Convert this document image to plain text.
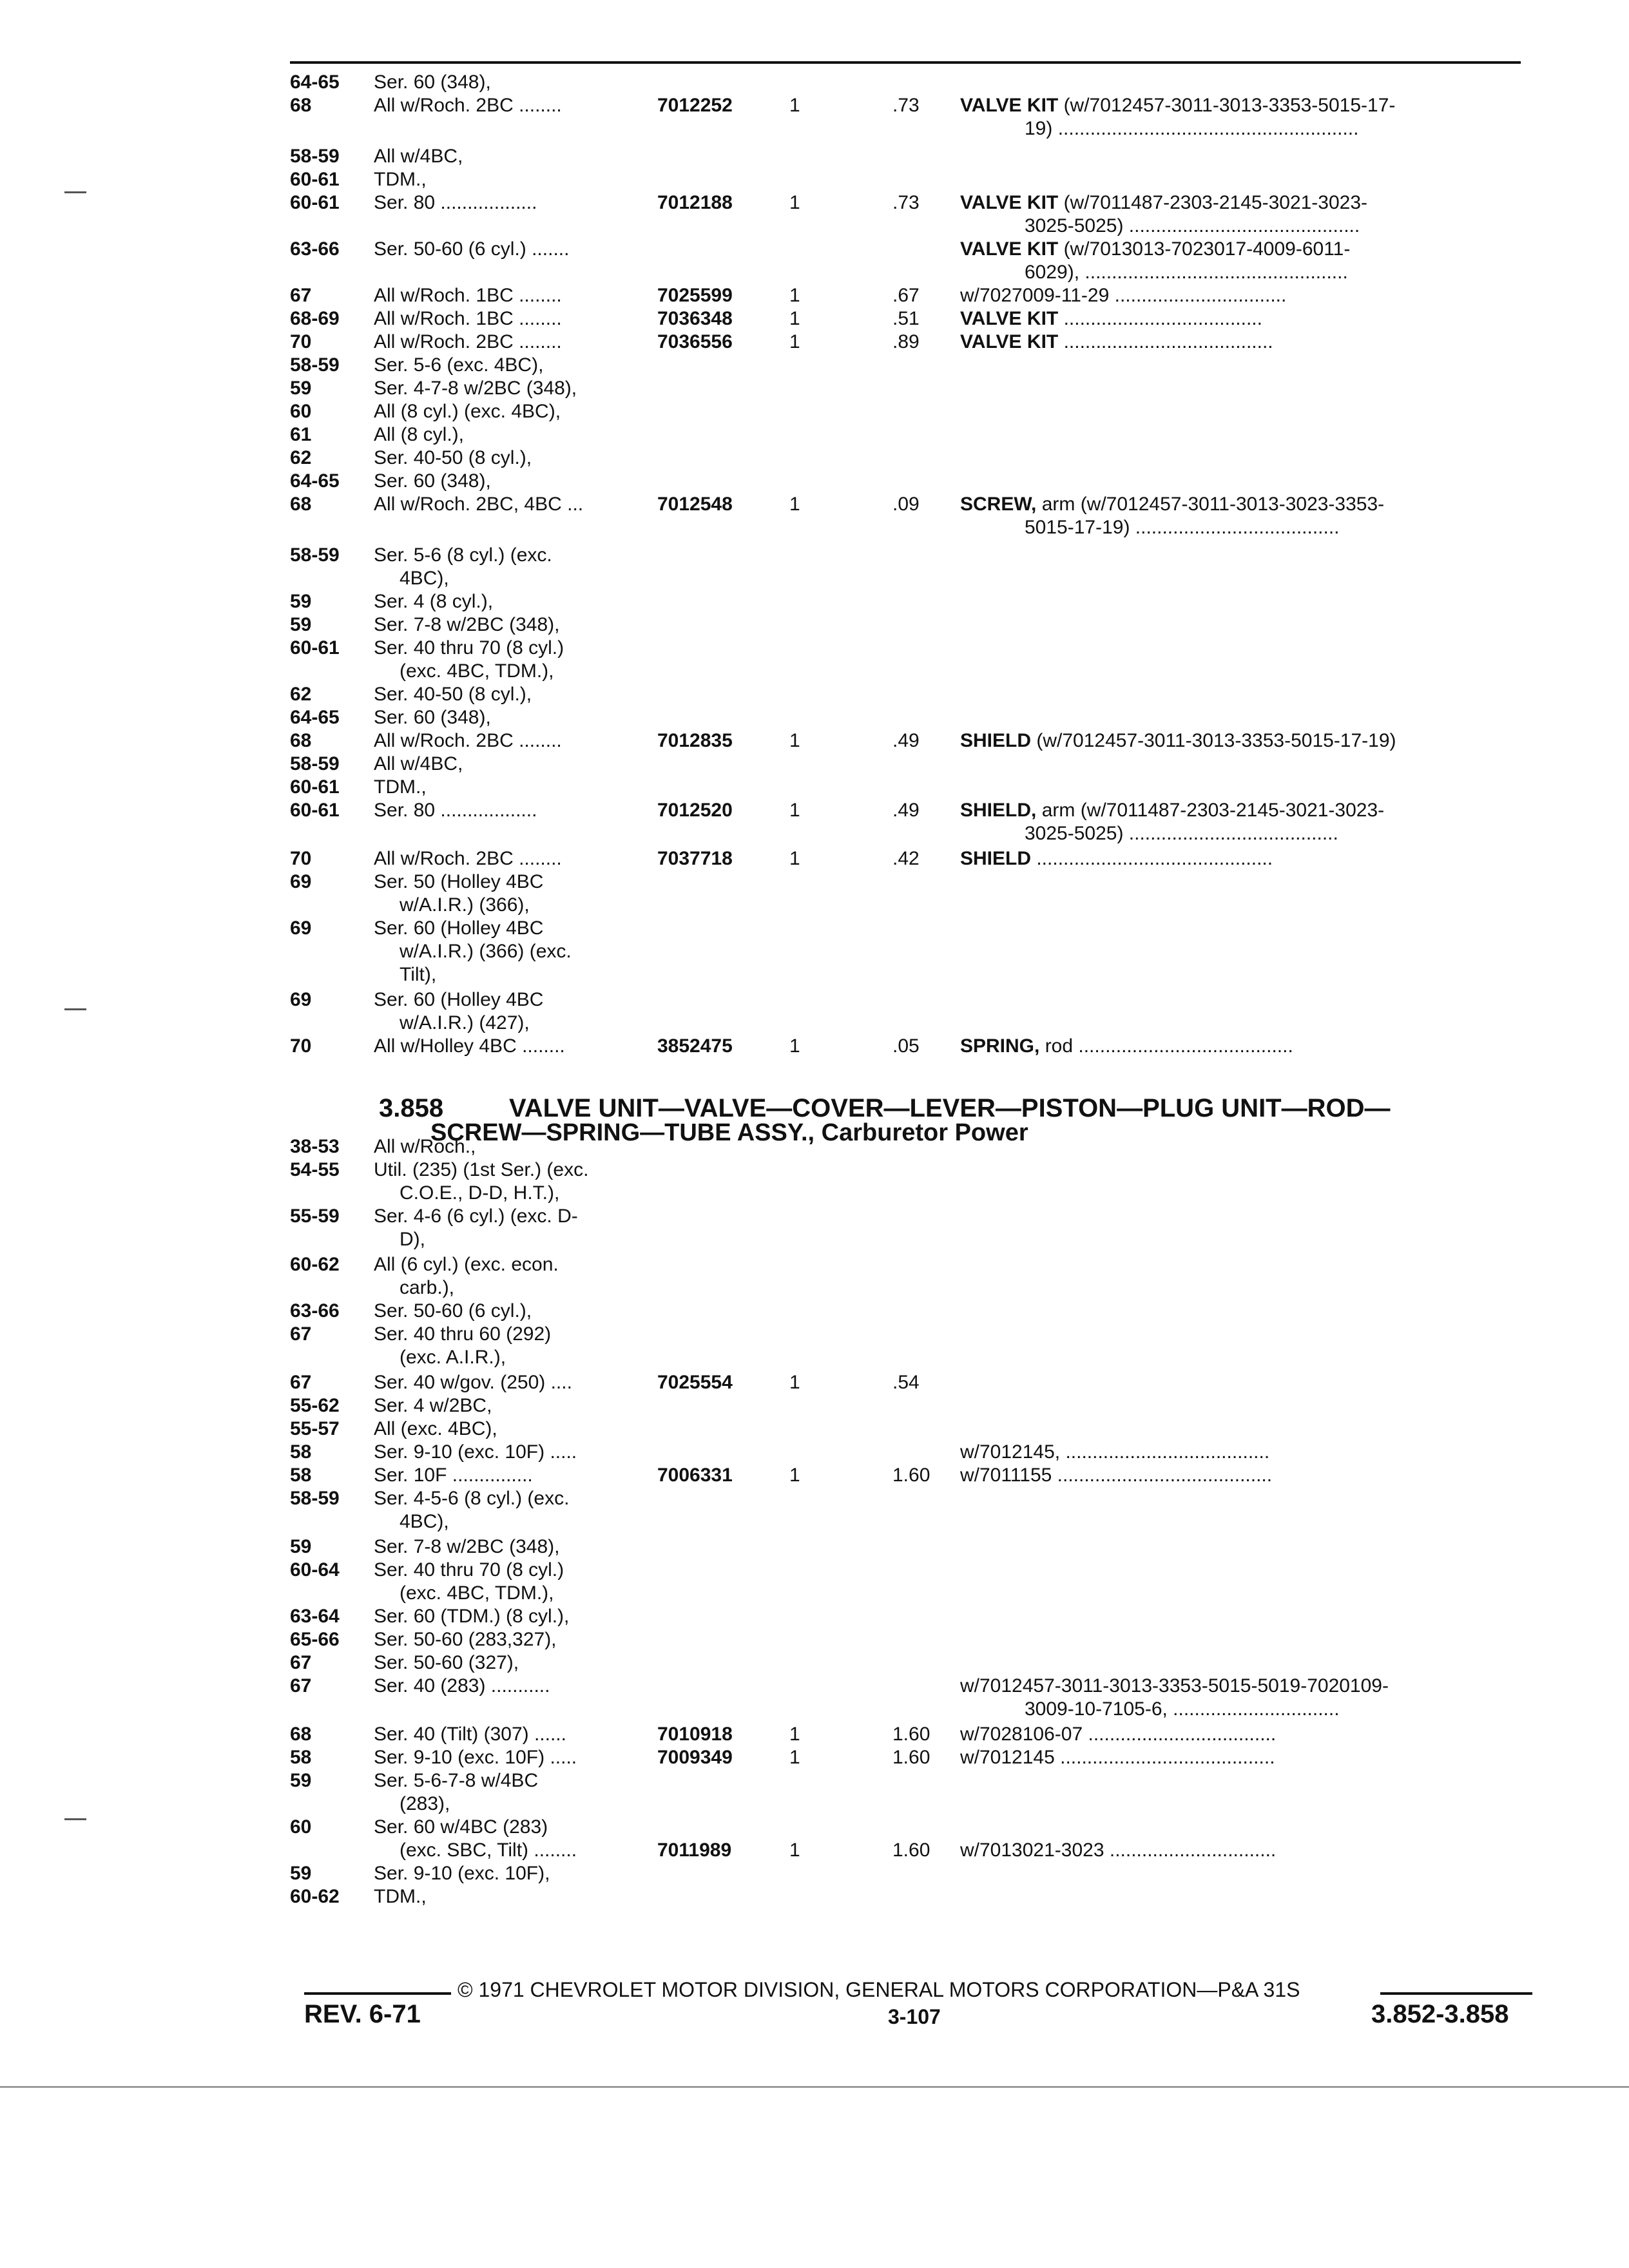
64-65 Ser. 60 (348),
68	All w/Roch. 2BC ........	7012252	1	.73 VALVE KIT (w/7012457-3011-3013-3353-5015-17-
19) ........................................................
58-59 All w/4BC,
60-61 TDM.,
60-61 Ser. 80 ..................	7012188	1	.73 VALVE KIT (w/7011487-2303-2145-3021-3023-
3025-5025) ...........................................
63-66 Ser. 50-60 (6 cyl.) .......	VALVE KIT (w/7013013-7023017-4009-6011-
6029), .................................................
67	All w/Roch. 1BC ........	7025599	1	.67 w/7027009-11-29 ................................
68-69 All w/Roch. 1BC ........	7036348	1	.51 VALVE KIT .....................................
70	All w/Roch. 2BC ........	7036556	1	.89 VALVE KIT .......................................
58-59 Ser. 5-6 (exc. 4BC),
59	Ser. 4-7-8 w/2BC (348),
60	All (8 cyl.) (exc. 4BC),
61	All (8 cyl.),
62	Ser. 40-50 (8 cyl.),
64-65 Ser. 60 (348),
68	All w/Roch. 2BC, 4BC ...	7012548	1	.09 SCREW, arm (w/7012457-3011-3013-3023-3353-
5015-17-19) ......................................
58-59 Ser. 5-6 (8 cyl.) (exc.
4BC),
59	Ser. 4 (8 cyl.),
59	Ser. 7-8 w/2BC (348),
60-61 Ser. 40 thru 70 (8 cyl.)
(exc. 4BC, TDM.),
62	Ser. 40-50 (8 cyl.),
64-65 Ser. 60 (348),
68	All w/Roch. 2BC ........	7012835	1	.49 SHIELD (w/7012457-3011-3013-3353-5015-17-19)
58-59 All w/4BC,
60-61 TDM.,
60-61 Ser. 80 ..................	7012520	1	.49 SHIELD, arm (w/7011487-2303-2145-3021-3023-
3025-5025) .......................................
70	All w/Roch. 2BC ........	7037718	1	.42 SHIELD ............................................
69	Ser. 50 (Holley 4BC
w/A.I.R.) (366),
69	Ser. 60 (Holley 4BC
w/A.I.R.) (366) (exc.
Tilt),
69	Ser. 60 (Holley 4BC
w/A.I.R.) (427),
70	All w/Holley 4BC ........	3852475	1	.05 SPRING, rod ........................................
38-53 All w/Roch.,
54-55 Util. (235) (1st Ser.) (exc.
C.O.E., D-D, H.T.),
55-59 Ser. 4-6 (6 cyl.) (exc. D-
D),
60-62 All (6 cyl.) (exc. econ.
carb.),
63-66 Ser. 50-60 (6 cyl.),
67	Ser. 40 thru 60 (292)
(exc. A.I.R.),
67	Ser. 40 w/gov. (250) ....	7025554	1	.54
55-62 Ser. 4 w/2BC,
55-57 All (exc. 4BC),
58	Ser. 9-10 (exc. 10F) .....	w/7012145, ......................................
58	Ser. 10F ...............	7006331	1	1.60 w/7011155 ........................................
58-59 Ser. 4-5-6 (8 cyl.) (exc.
4BC),
59	Ser. 7-8 w/2BC (348),
60-64 Ser. 40 thru 70 (8 cyl.)
(exc. 4BC, TDM.),
63-64 Ser. 60 (TDM.) (8 cyl.),
65-66 Ser. 50-60 (283,327),
67	Ser. 50-60 (327),
67	Ser. 40 (283) ...........	w/7012457-3011-3013-3353-5015-5019-7020109-
3009-10-7105-6, ...............................
68	Ser. 40 (Tilt) (307) ......	7010918	1	1.60 w/7028106-07 ...................................
58	Ser. 9-10 (exc. 10F) .....	7009349	1	1.60 w/7012145 ........................................
59	Ser. 5-6-7-8 w/4BC
(283),
60	Ser. 60 w/4BC (283)
(exc. SBC, Tilt) ........	7011989	1	1.60 w/7013021-3023 ...............................
59	Ser. 9-10 (exc. 10F),
60-62 TDM.,
3.858	VALVE UNIT—VALVE—COVER—LEVER—PISTON—PLUG UNIT—ROD—
SCREW—SPRING—TUBE ASSY., Carburetor Power
© 1971 CHEVROLET MOTOR DIVISION, GENERAL MOTORS CORPORATION—P&A 31S
REV. 6-71	3-107	3.852-3.858
